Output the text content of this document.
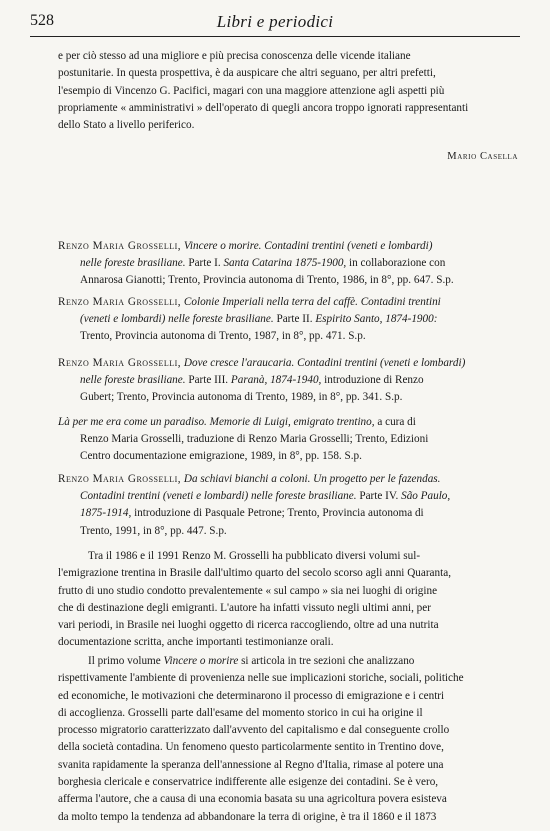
528	Libri e periodici
e per ciò stesso ad una migliore e più precisa conoscenza delle vicende italiane
postunitarie. In questa prospettiva, è da auspicare che altri seguano, per altri prefetti,
l'esempio di Vincenzo G. Pacifici, magari con una maggiore attenzione agli aspetti più
propriamente « amministrativi » dell'operato di quegli ancora troppo ignorati rappresentanti
dello Stato a livello periferico.
Mario Casella
Renzo Maria Grosselli, Vincere o morire. Contadini trentini (veneti e lombardi)
nelle foreste brasiliane. Parte I. Santa Catarina 1875-1900, in collaborazione con
Annarosa Gianotti; Trento, Provincia autonoma di Trento, 1986, in 8°, pp. 647. S.p.
Renzo Maria Grosselli, Colonie Imperiali nella terra del caffè. Contadini trentini
(veneti e lombardi) nelle foreste brasiliane. Parte II. Espirito Santo, 1874-1900:
Trento, Provincia autonoma di Trento, 1987, in 8°, pp. 471. S.p.
Renzo Maria Grosselli, Dove cresce l'araucaria. Contadini trentini (veneti e lombardi)
nelle foreste brasiliane. Parte III. Paranà, 1874-1940, introduzione di Renzo
Gubert; Trento, Provincia autonoma di Trento, 1989, in 8°, pp. 341. S.p.
Là per me era come un paradiso. Memorie di Luigi, emigrato trentino, a cura di
Renzo Maria Grosselli, traduzione di Renzo Maria Grosselli; Trento, Edizioni
Centro documentazione emigrazione, 1989, in 8°, pp. 158. S.p.
Renzo Maria Grosselli, Da schiavi bianchi a coloni. Un progetto per le fazendas.
Contadini trentini (veneti e lombardi) nelle foreste brasiliane. Parte IV. São Paulo,
1875-1914, introduzione di Pasquale Petrone; Trento, Provincia autonoma di
Trento, 1991, in 8°, pp. 447. S.p.
Tra il 1986 e il 1991 Renzo M. Grosselli ha pubblicato diversi volumi sul-
l'emigrazione trentina in Brasile dall'ultimo quarto del secolo scorso agli anni Quaranta,
frutto di uno studio condotto prevalentemente « sul campo » sia nei luoghi di origine
che di destinazione degli emigranti. L'autore ha infatti vissuto negli ultimi anni, per
vari periodi, in Brasile nei luoghi oggetto di ricerca raccogliendo, oltre ad una nutrita
documentazione scritta, anche importanti testimonianze orali.
Il primo volume Vincere o morire si articola in tre sezioni che analizzano
rispettivamente l'ambiente di provenienza nelle sue implicazioni storiche, sociali, politiche
ed economiche, le motivazioni che determinarono il processo di emigrazione e i centri
di accoglienza. Grosselli parte dall'esame del momento storico in cui ha origine il
processo migratorio caratterizzato dall'avvento del capitalismo e dal conseguente crollo
della società contadina. Un fenomeno questo particolarmente sentito in Trentino dove,
svanita rapidamente la speranza dell'annessione al Regno d'Italia, rimase al potere una
borghesia clericale e conservatrice indifferente alle esigenze dei contadini. Se è vero,
afferma l'autore, che a causa di una economia basata su una agricoltura povera esisteva
da molto tempo la tendenza ad abbandonare la terra di origine, è tra il 1860 e il 1873
